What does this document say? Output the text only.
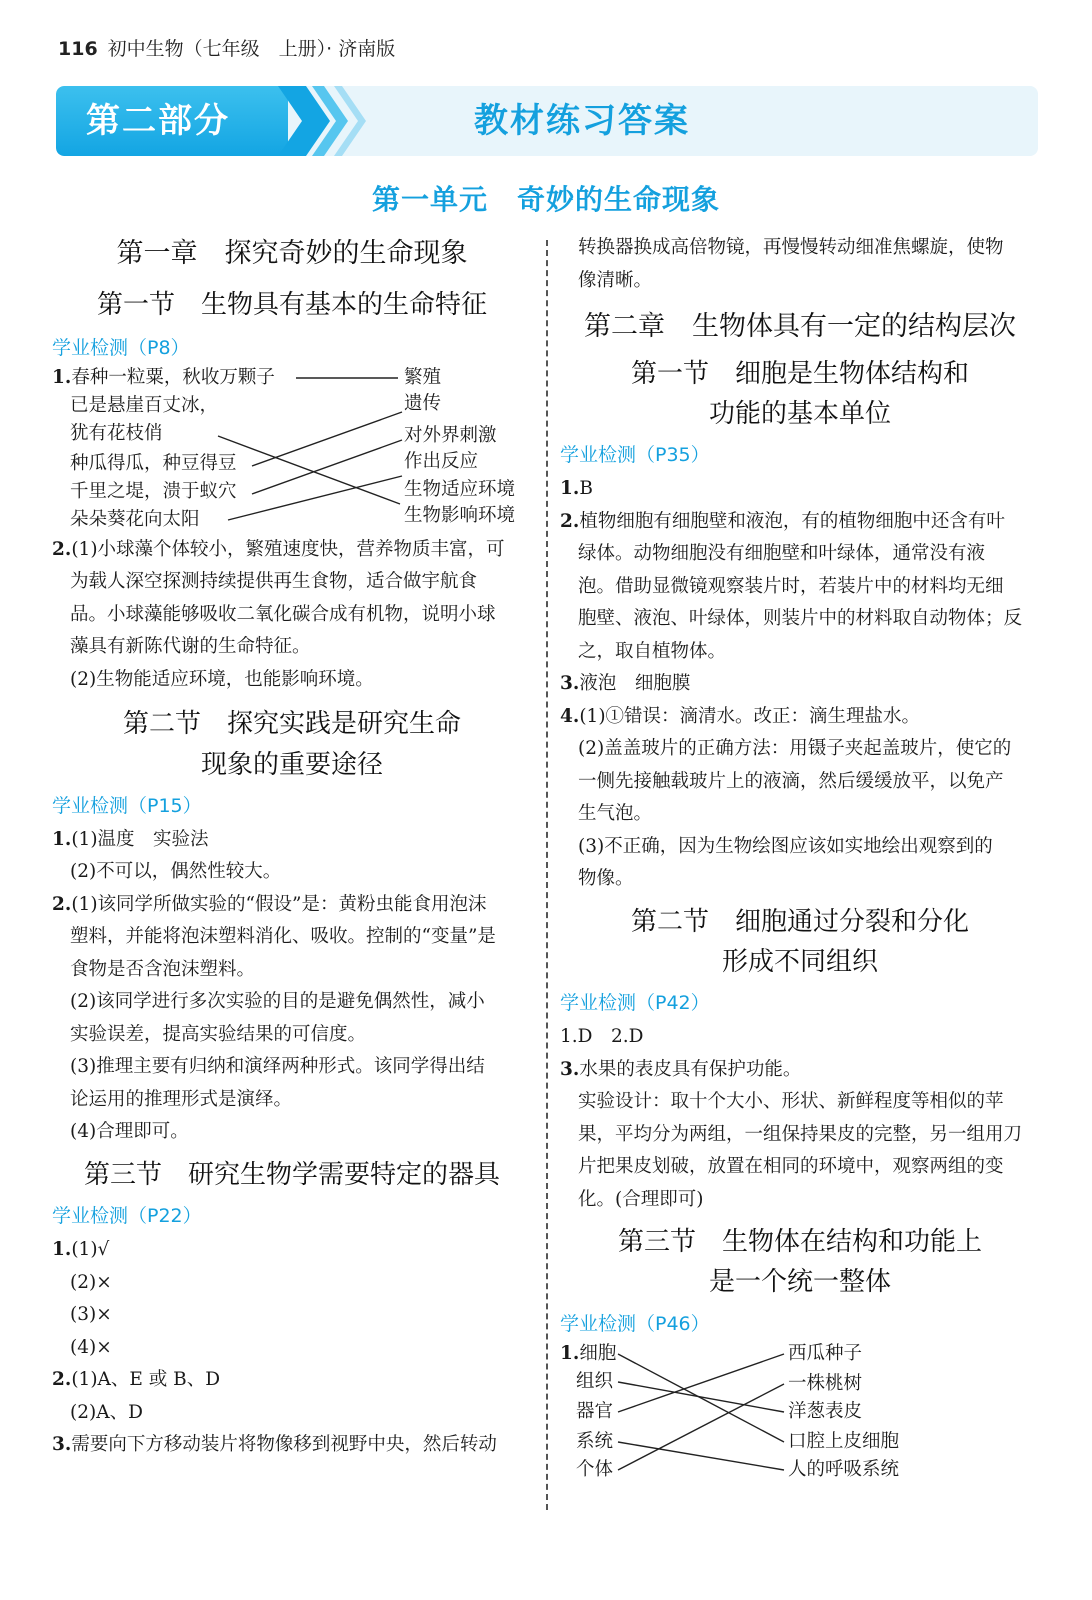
116 初中生物（七年级　上册）· 济南版
第二部分	教材练习答案
第一单元　奇妙的生命现象
第一章　探究奇妙的生命现象
第一节　生物具有基本的生命特征
学业检测（P8）
1.春种一粒粟，秋收万颗子
已是悬崖百丈冰，
犹有花枝俏
种瓜得瓜，种豆得豆
千里之堤，溃于蚁穴
朵朵葵花向太阳
繁殖
遗传
对外界刺激
作出反应
生物适应环境
生物影响环境

2.(1)小球藻个体较小，繁殖速度快，营养物质丰富，可

为载人深空探测持续提供再生食物，适合做宇航食

品。小球藻能够吸收二氧化碳合成有机物，说明小球

藻具有新陈代谢的生命特征。

(2)生物能适应环境，也能影响环境。

第二节　探究实践是研究生命
现象的重要途径
学业检测（P15）

1.(1)温度　实验法

(2)不可以，偶然性较大。

2.(1)该同学所做实验的“假设”是：黄粉虫能食用泡沫

塑料，并能将泡沫塑料消化、吸收。控制的“变量”是

食物是否含泡沫塑料。

(2)该同学进行多次实验的目的是避免偶然性，减小

实验误差，提高实验结果的可信度。

(3)推理主要有归纳和演绎两种形式。该同学得出结

论运用的推理形式是演绎。

(4)合理即可。

第三节　研究生物学需要特定的器具
学业检测（P22）

1.(1)√

(2)×

(3)×

(4)×

2.(1)A、E 或 B、D

(2)A、D

3.需要向下方移动装片将物像移到视野中央，然后转动

转换器换成高倍物镜，再慢慢转动细准焦螺旋，使物

像清晰。

第二章　生物体具有一定的结构层次
第一节　细胞是生物体结构和
功能的基本单位
学业检测（P35）

1.B

2.植物细胞有细胞壁和液泡，有的植物细胞中还含有叶

绿体。动物细胞没有细胞壁和叶绿体，通常没有液

泡。借助显微镜观察装片时，若装片中的材料均无细

胞壁、液泡、叶绿体，则装片中的材料取自动物体；反

之，取自植物体。

3.液泡　细胞膜

4.(1)①错误：滴清水。改正：滴生理盐水。

(2)盖盖玻片的正确方法：用镊子夹起盖玻片，使它的

一侧先接触载玻片上的液滴，然后缓缓放平，以免产

生气泡。

(3)不正确，因为生物绘图应该如实地绘出观察到的

物像。

第二节　细胞通过分裂和分化
形成不同组织
学业检测（P42）

1.D　2.D

3.水果的表皮具有保护功能。

实验设计：取十个大小、形状、新鲜程度等相似的苹

果，平均分为两组，一组保持果皮的完整，另一组用刀

片把果皮划破，放置在相同的环境中，观察两组的变

化。(合理即可)

第三节　生物体在结构和功能上
是一个统一整体
学业检测（P46）
1.细胞
组织
器官
系统
个体
西瓜种子
一株桃树
洋葱表皮
口腔上皮细胞
人的呼吸系统
